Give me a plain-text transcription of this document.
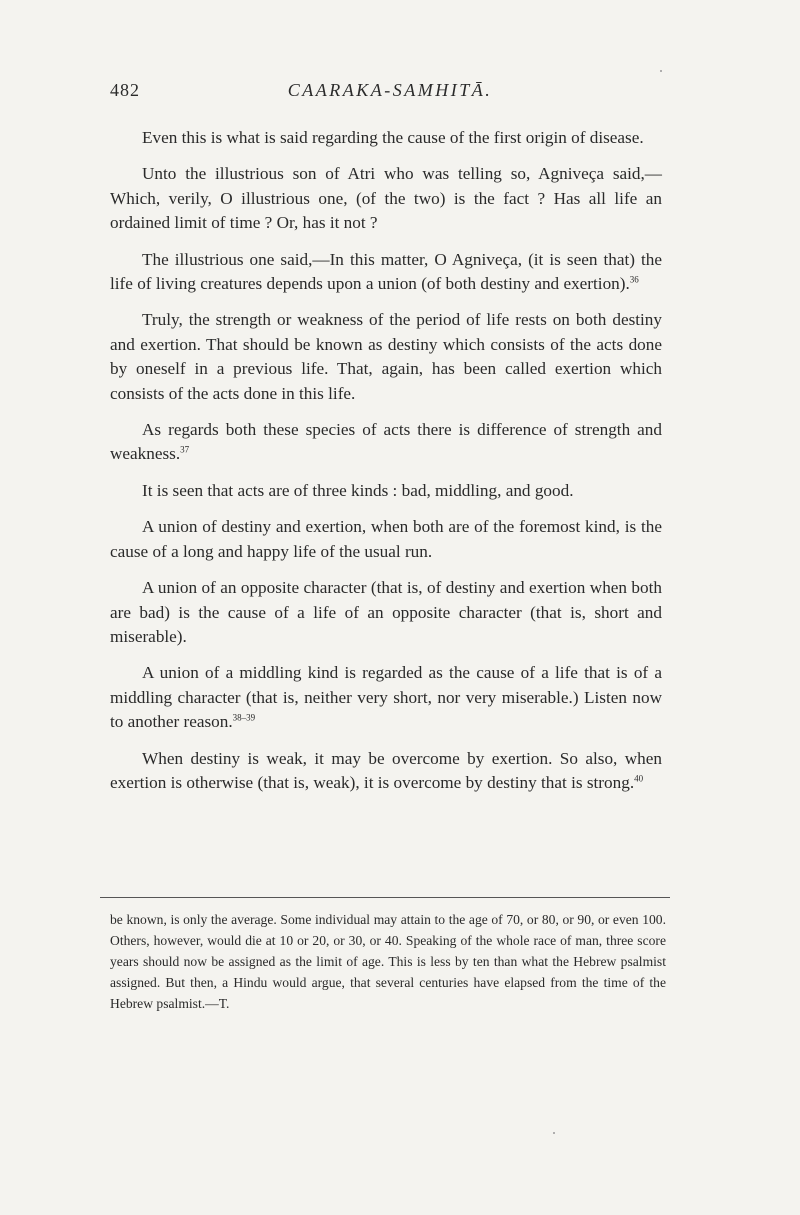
482	CAARAKA-SAMHITĀ.

Even this is what is said regarding the cause of the first origin of disease.

Unto the illustrious son of Atri who was telling so, Agniveça said,—Which, verily, O illustrious one, (of the two) is the fact ? Has all life an ordained limit of time ? Or, has it not ?

The illustrious one said,—In this matter, O Agniveça, (it is seen that) the life of living creatures depends upon a union (of both destiny and exertion).$^{36}$

Truly, the strength or weakness of the period of life rests on both destiny and exertion. That should be known as destiny which consists of the acts done by oneself in a previous life. That, again, has been called exertion which consists of the acts done in this life.

As regards both these species of acts there is difference of strength and weakness.$^{37}$

It is seen that acts are of three kinds : bad, middling, and good.

A union of destiny and exertion, when both are of the foremost kind, is the cause of a long and happy life of the usual run.

A union of an opposite character (that is, of destiny and exertion when both are bad) is the cause of a life of an opposite character (that is, short and miserable).

A union of a middling kind is regarded as the cause of a life that is of a middling character (that is, neither very short, nor very miserable.) Listen now to another reason.$^{38-39}$

When destiny is weak, it may be overcome by exertion. So also, when exertion is otherwise (that is, weak), it is overcome by destiny that is strong.$^{40}$

be known, is only the average. Some individual may attain to the age of 70, or 80, or 90, or even 100. Others, however, would die at 10 or 20, or 30, or 40. Speaking of the whole race of man, three score years should now be assigned as the limit of age. This is less by ten than what the Hebrew psalmist assigned. But then, a Hindu would argue, that several centuries have elapsed from the time of the Hebrew psalmist.—T.
